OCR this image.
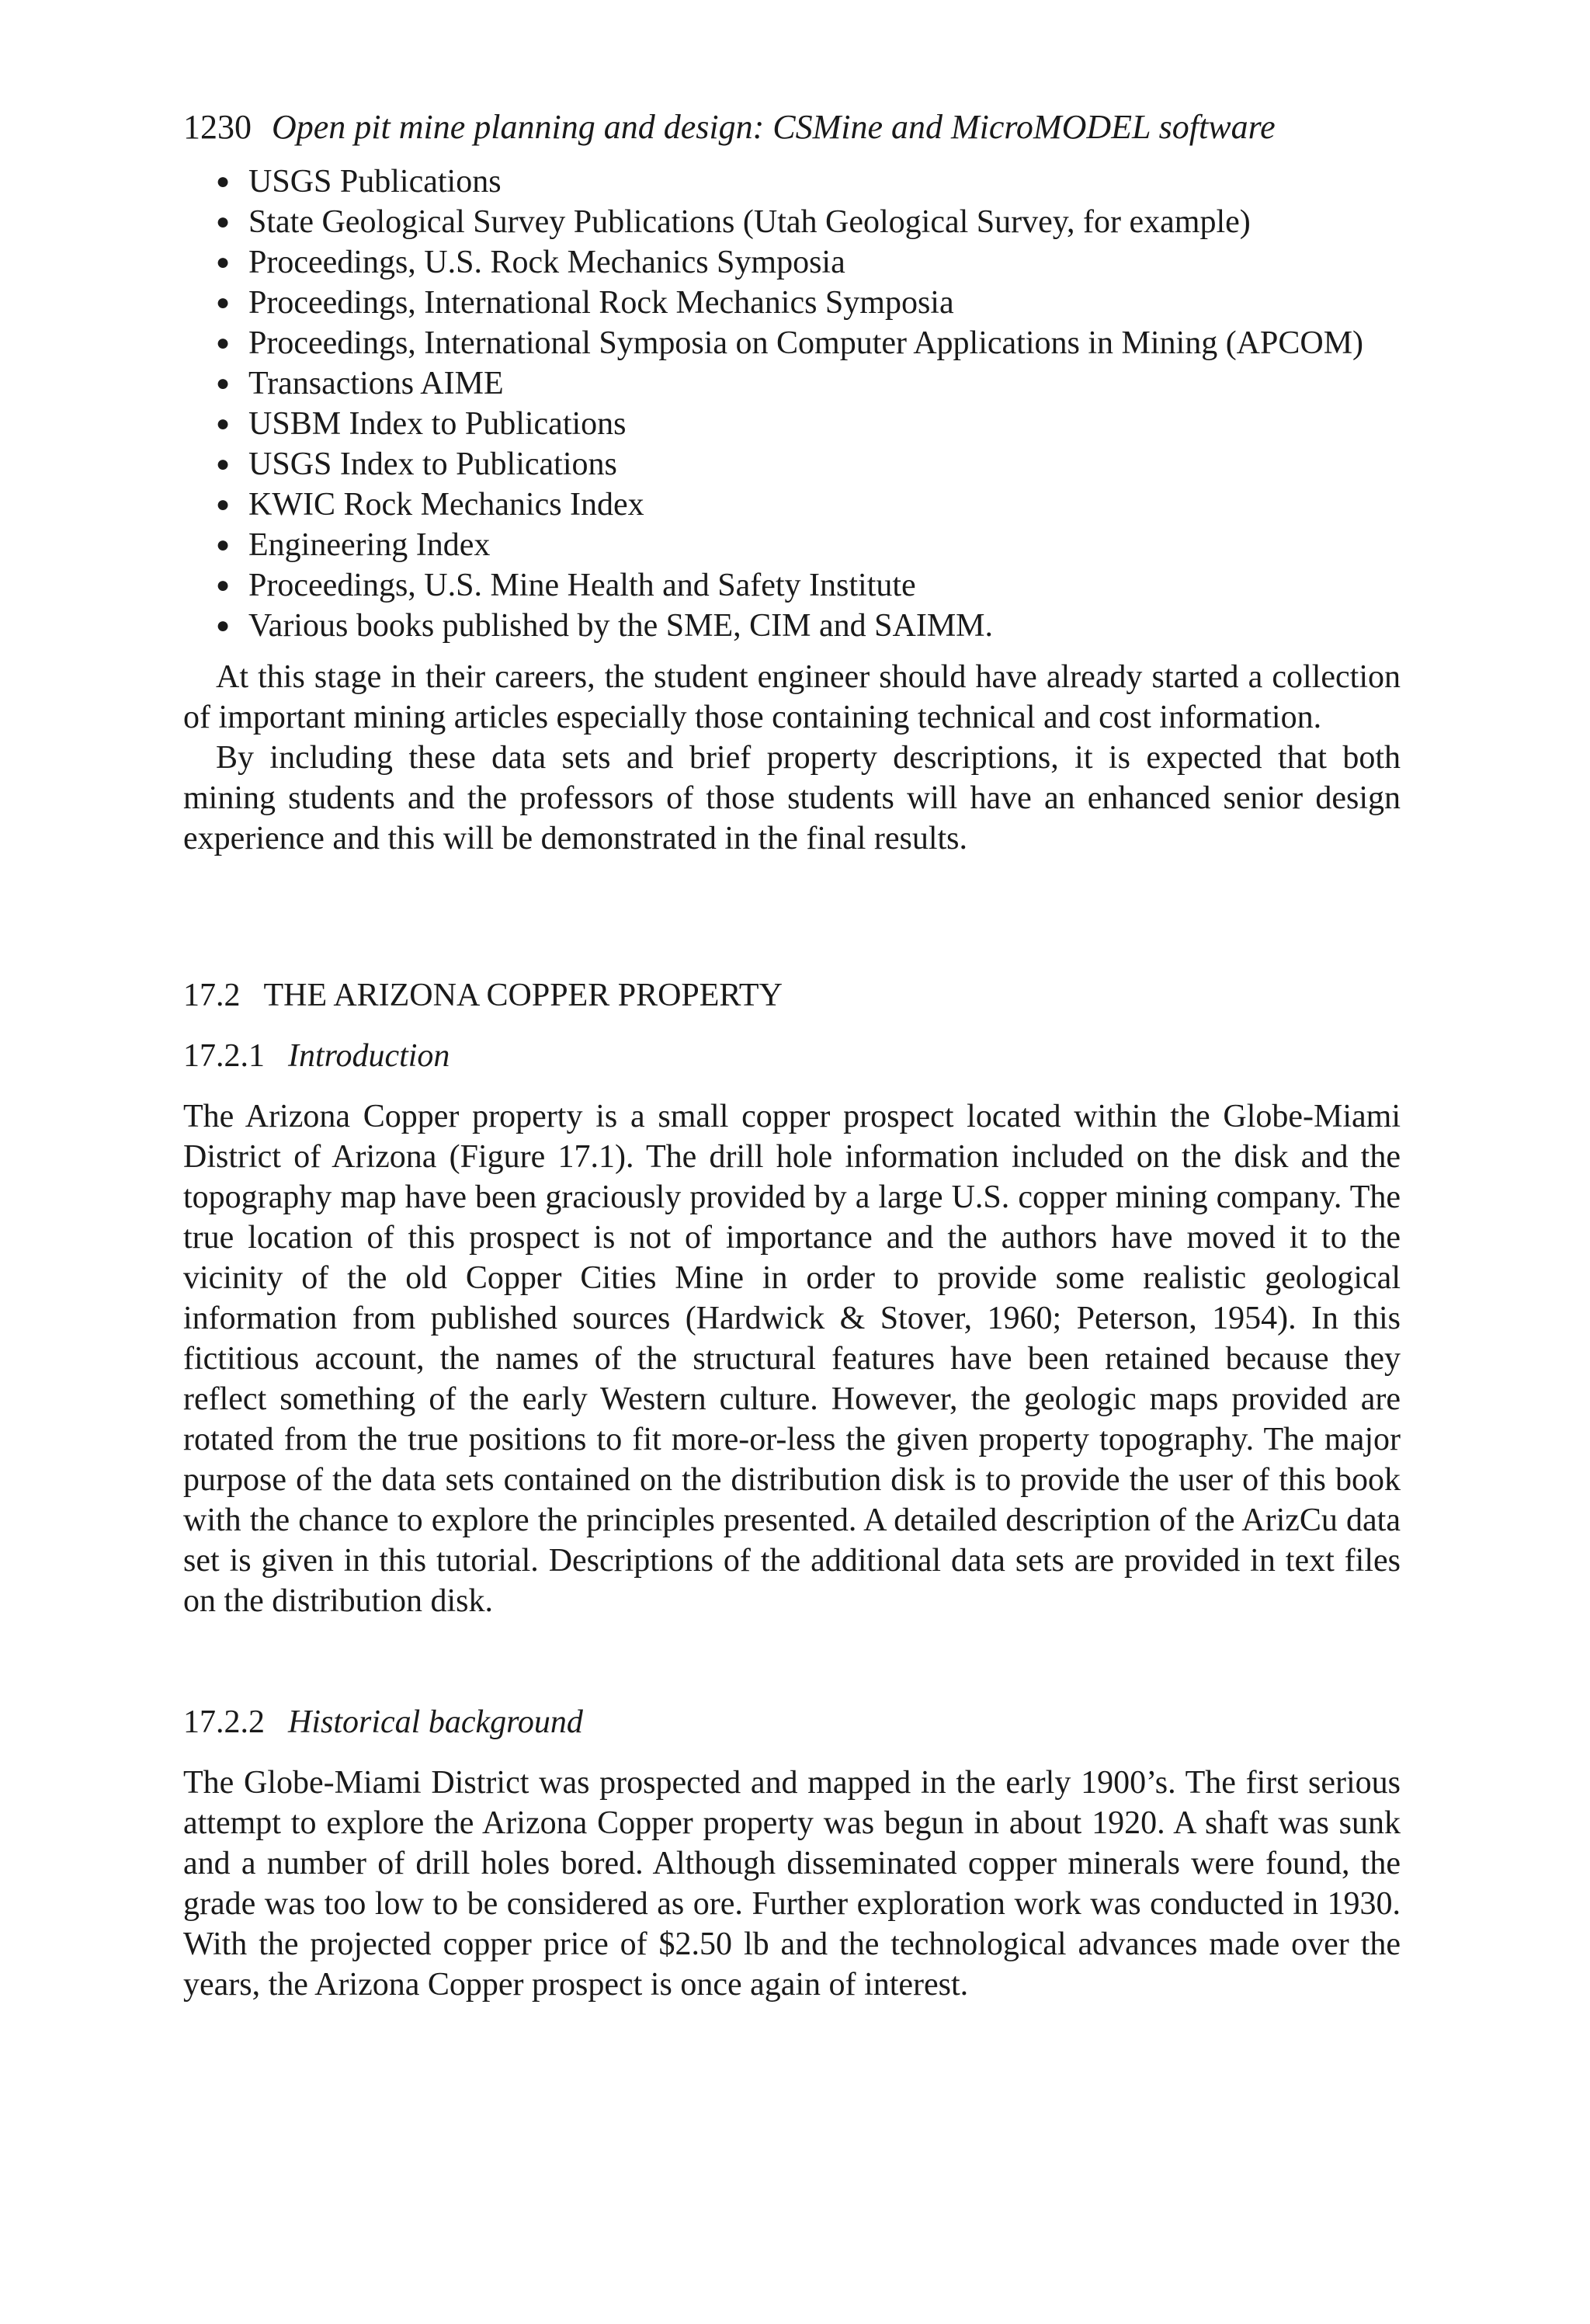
1230 Open pit mine planning and design: CSMine and MicroMODEL software
● USGS Publications
● State Geological Survey Publications (Utah Geological Survey, for example)
● Proceedings, U.S. Rock Mechanics Symposia
● Proceedings, International Rock Mechanics Symposia
● Proceedings, International Symposia on Computer Applications in Mining (APCOM)
● Transactions AIME
● USBM Index to Publications
● USGS Index to Publications
● KWIC Rock Mechanics Index
● Engineering Index
● Proceedings, U.S. Mine Health and Safety Institute
● Various books published by the SME, CIM and SAIMM.

At this stage in their careers, the student engineer should have already started a collection of important mining articles especially those containing technical and cost information.

By including these data sets and brief property descriptions, it is expected that both mining students and the professors of those students will have an enhanced senior design experience and this will be demonstrated in the final results.

17.2 THE ARIZONA COPPER PROPERTY
17.2.1 Introduction

The Arizona Copper property is a small copper prospect located within the Globe-Miami District of Arizona (Figure 17.1). The drill hole information included on the disk and the topography map have been graciously provided by a large U.S. copper mining company. The true location of this prospect is not of importance and the authors have moved it to the vicinity of the old Copper Cities Mine in order to provide some realistic geological information from published sources (Hardwick & Stover, 1960; Peterson, 1954). In this fictitious account, the names of the structural features have been retained because they reflect something of the early Western culture. However, the geologic maps provided are rotated from the true positions to fit more-or-less the given property topography. The major purpose of the data sets contained on the distribution disk is to provide the user of this book with the chance to explore the principles presented. A detailed description of the ArizCu data set is given in this tutorial. Descriptions of the additional data sets are provided in text files on the distribution disk.

17.2.2 Historical background

The Globe-Miami District was prospected and mapped in the early 1900’s. The first serious attempt to explore the Arizona Copper property was begun in about 1920. A shaft was sunk and a number of drill holes bored. Although disseminated copper minerals were found, the grade was too low to be considered as ore. Further exploration work was conducted in 1930. With the projected copper price of $2.50 lb and the technological advances made over the years, the Arizona Copper prospect is once again of interest.
